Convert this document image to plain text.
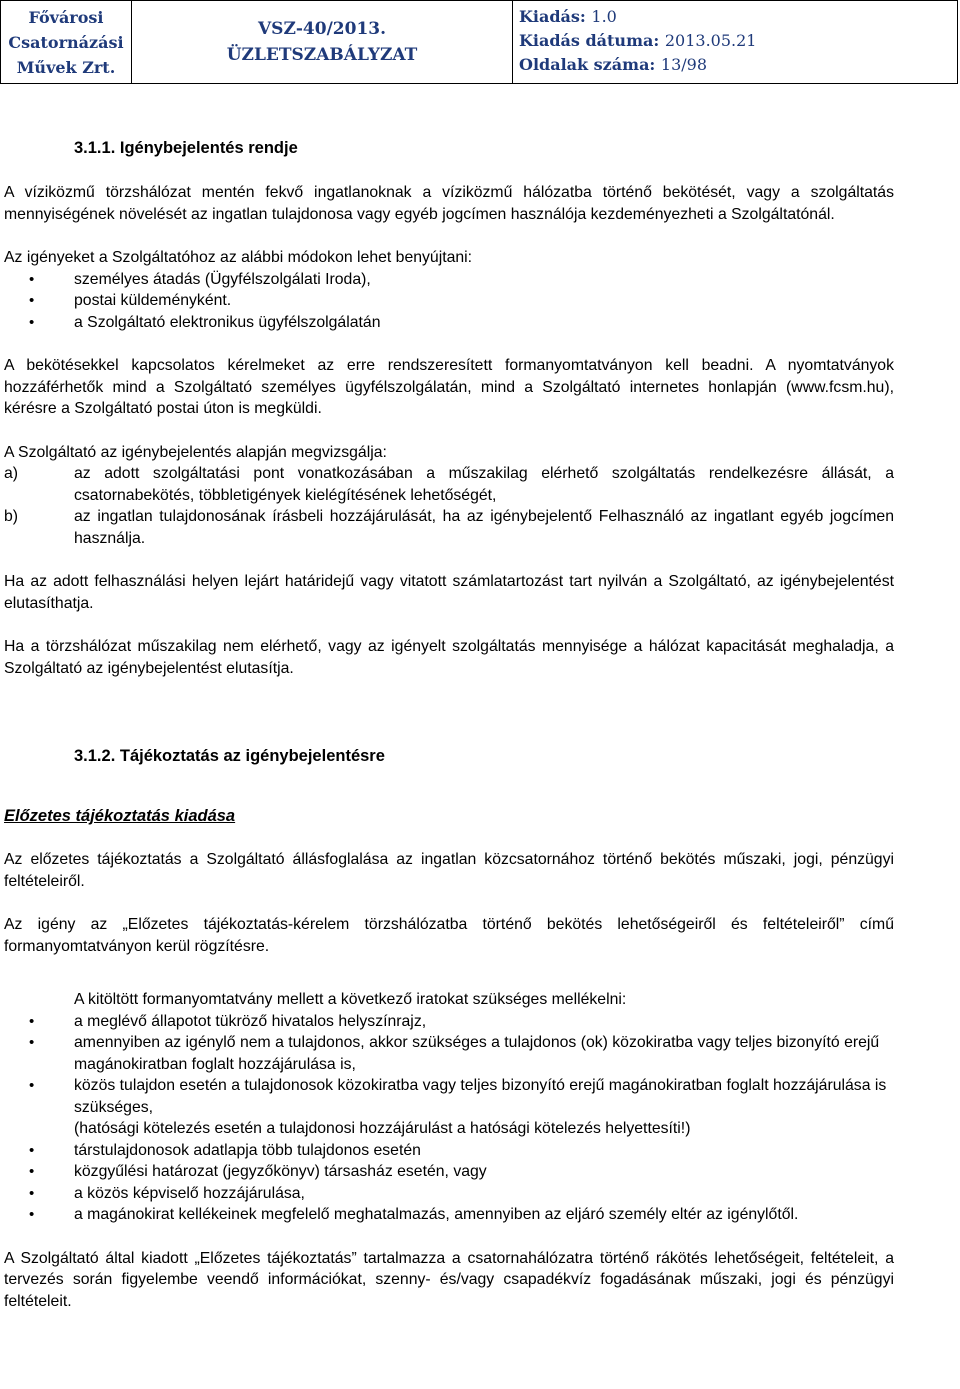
Fővárosi
Csatornázási
Művek Zrt.
VSZ-40/2013.
ÜZLETSZABÁLYZAT
Kiadás: 1.0
Kiadás dátuma: 2013.05.21
Oldalak száma: 13/98
3.1.1. Igénybejelentés rendje

A víziközmű törzshálózat mentén fekvő ingatlanoknak a víziközmű hálózatba történő bekötését, vagy a szolgáltatás mennyiségének növelését az ingatlan tulajdonosa vagy egyéb jogcímen használója kezdeményezheti a Szolgáltatónál.

Az igényeket a Szolgáltatóhoz az alábbi módokon lehet benyújtani:

• személyes átadás (Ügyfélszolgálati Iroda),
• postai küldeményként.
• a Szolgáltató elektronikus ügyfélszolgálatán

A bekötésekkel kapcsolatos kérelmeket az erre rendszeresített formanyomtatványon kell beadni. A nyomtatványok hozzáférhetők mind a Szolgáltató személyes ügyfélszolgálatán, mind a Szolgáltató internetes honlapján (www.fcsm.hu), kérésre a Szolgáltató postai úton is megküldi.

A Szolgáltató az igénybejelentés alapján megvizsgálja:

a)	az adott szolgáltatási pont vonatkozásában a műszakilag elérhető szolgáltatás rendelkezésre állását, a csatornabekötés, többletigények kielégítésének lehetőségét,
b)	az ingatlan tulajdonosának írásbeli hozzájárulását, ha az igénybejelentő Felhasználó az ingatlant egyéb jogcímen használja.

Ha az adott felhasználási helyen lejárt határidejű vagy vitatott számlatartozást tart nyilván a Szolgáltató, az igénybejelentést elutasíthatja.

Ha a törzshálózat műszakilag nem elérhető, vagy az igényelt szolgáltatás mennyisége a hálózat kapacitását meghaladja, a Szolgáltató az igénybejelentést elutasítja.

3.1.2. Tájékoztatás az igénybejelentésre
Előzetes tájékoztatás kiadása

Az előzetes tájékoztatás a Szolgáltató állásfoglalása az ingatlan közcsatornához történő bekötés műszaki, jogi, pénzügyi feltételeiről.

Az igény az „Előzetes tájékoztatás-kérelem törzshálózatba történő bekötés lehetőségeiről és feltételeiről” című formanyomtatványon kerül rögzítésre.

A kitöltött formanyomtatvány mellett a következő iratokat szükséges mellékelni:

• a meglévő állapotot tükröző hivatalos helyszínrajz,
• amennyiben az igénylő nem a tulajdonos, akkor szükséges a tulajdonos (ok) közokiratba vagy teljes bizonyító erejű magánokiratban foglalt hozzájárulása is,
• közös tulajdon esetén a tulajdonosok közokiratba vagy teljes bizonyító erejű magánokiratban foglalt hozzájárulása is szükséges,

(hatósági kötelezés esetén a tulajdonosi hozzájárulást a hatósági kötelezés helyettesíti!)

• társtulajdonosok adatlapja több tulajdonos esetén
• közgyűlési határozat (jegyzőkönyv) társasház esetén, vagy
• a közös képviselő hozzájárulása,
• a magánokirat kellékeinek megfelelő meghatalmazás, amennyiben az eljáró személy eltér az igénylőtől.

A Szolgáltató által kiadott „Előzetes tájékoztatás” tartalmazza a csatornahálózatra történő rákötés lehetőségeit, feltételeit, a tervezés során figyelembe veendő információkat, szenny- és/vagy csapadékvíz fogadásának műszaki, jogi és pénzügyi feltételeit.
